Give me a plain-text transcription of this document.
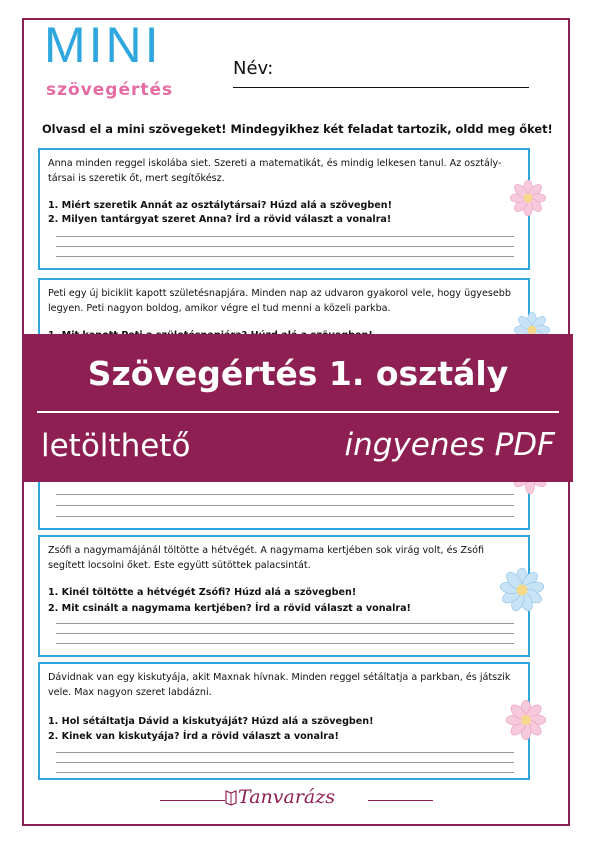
MINI
szövegértés
Név:
Olvasd el a mini szövegeket! Mindegyikhez két feladat tartozik, oldd meg őket!
Anna minden reggel iskolába siet. Szereti a matematikát, és mindig lelkesen tanul. Az osztály- társai is szeretik őt, mert segítőkész.
1. Miért szeretik Annát az osztálytársai? Húzd alá a szövegben!
2. Milyen tantárgyat szeret Anna? Írd a rövid választ a vonalra!
Peti egy új biciklit kapott születésnapjára. Minden nap az udvaron gyakorol vele, hogy ügyesebb legyen. Peti nagyon boldog, amikor végre el tud menni a közeli parkba.
Zsófi a nagymamájánál töltötte a hétvégét. A nagymama kertjében sok virág volt, és Zsófi segített locsolni őket. Este együtt sütöttek palacsintát.
1. Kinél töltötte a hétvégét Zsófi? Húzd alá a szövegben!
2. Mit csinált a nagymama kertjében? Írd a rövid választ a vonalra!
Dávidnak van egy kiskutyája, akit Maxnak hívnak. Minden reggel sétáltatja a parkban, és játszik vele. Max nagyon szeret labdázni.
1. Hol sétáltatja Dávid a kiskutyáját? Húzd alá a szövegben!
2. Kinek van kiskutyája? Írd a rövid választ a vonalra!
Szövegértés 1. osztály
letölthető	ingyenes PDF
Tanvarázs
